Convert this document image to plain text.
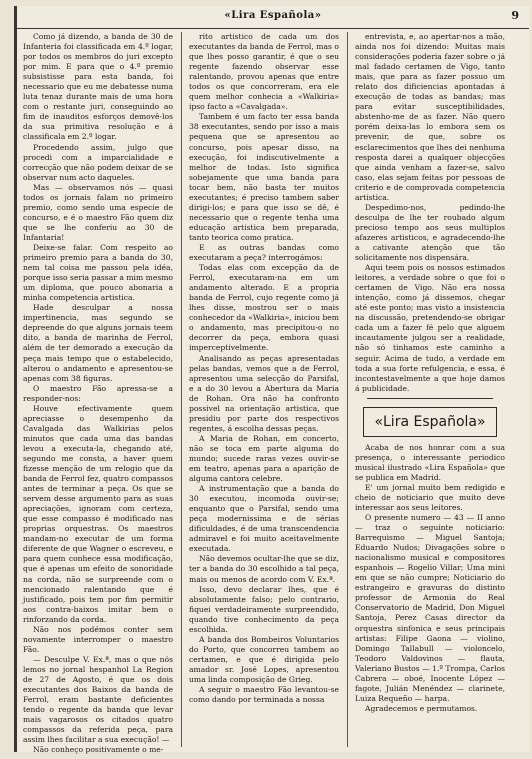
«Lira Española»	9

Como já dizendo, a banda de 30 de Infanteria foi classificada em 4.º logar, por todos os membros do juri excepto por mim. E para que o 4.º premio subsistisse para esta banda, foi necessario que eu me debatesse numa luta tenaz durante mais de uma hora com o restante juri, conseguindo ao fim de inauditos esforços demovê-los da sua primitiva resolução e á classificala em 2.º logar.

Procedendo assim, julgo que procedi com a imparcialidade e correcção que não podem deixar de se observar num acto daqueles.

Mas — observamos nós — quasi todos os jornais falam no primeiro premio, como sendo uma especie de concurso, e é o maestro Fão quem diz que se lhe conferiu ao 30 de Infantaria!

Deixe-se falar. Com respeito ao primeiro premio para a banda do 30, nem tal coisa me passou pela idéa, porque isso seria passar a mim mesmo um diploma, que pouco abonaria a minha competencia artistica.

Hade desculpar a nossa impertinencia, mas segundo se depreende do que alguns jornais teem dito, a banda de marinha de Ferrol, além de ter demorado a execução da peça mais tempo que o estabelecido, alterou o andamento e apresentou-se apenas com 38 figuras.

O maestro Fão apressa-se a responder-nos:

Houve efectivamente quem apreciasse o desempenho da Cavalgada das Walkirias pelos minutos que cada uma das bandas levou a executa-la, chegando até, segundo me consta, a haver quem fizesse menção de um relogio que da banda de Ferrol fez, quatro compassos antes de terminar a peça. Os que se servem desse argumento para as suas apreciações, ignoram com certeza, que esse compasso é modificado nas proprias orquestras. Os maestros mandam-no executar de um forma diferente de que Wagner o escreveu, e para quem conhece essa modificação, que é apenas um efeito de sonoridade na corda, não se surpreende com o mencionado ralentando que é justificado, pois tem por fim permitir aos contra-baixos imitar bem o rinforzando da corda.

Não nos podémos conter sem novamente interromper o maestro Fão.

— Desculpe V. Ex.ª, mas o que nós lemos no jornal hespanhol La Region de 27 de Agosto, é que os dois executantes dos Baixos da banda de Ferrol, eram bastante deficientes tendo o regente da banda que levar mais vagarosos os citados quatro compassos da referida peça, para assim lhes facilitar a sua execução! —

Não conheço positivamente o me-

rito artistico de cada um dos executantes da banda de Ferrol, mas o que lhes posso garantir, é que o seu regente fazendo observar esse ralentando, provou apenas que entre todos os que concorreram, era ele quem melhor conhecia a «Walkiria» ipso facto a «Cavalgada».

Tambem é um facto ter essa banda 38 executantes, sendo por isso a mais pequena que se apresentou ao concurso, pois apesar disso, na execução, foi indiscutivelmente a melhor de todas. Isto significa sobejamente que uma banda para tocar bem, não basta ter muitos executantes; é preciso tambem saber dirigi-los; e para que isso se dê, é necessario que o regente tenha uma educação artistica bem preparada, tanto teorica como pratica.

E as outras bandas como executaram a peça? interrogámos:

Todas elas com excepção da de Ferrol, executaram-na em um andamento alterado. E a propria banda de Ferrol, cujo regente como já lhes disse, mostrou ser o mais conhecedor da «Walkiria», iniciou bem o andamento, mas precipitou-o no decorrer da peça, embora quasi imperceptivelmente.

Analisando as peças apresentadas pelas bandas, vemos que a de Ferrol, apresentou uma selecção do Parsifal, e a do 30 levou a Abertura da Maria de Rohan. Ora não ha confronto possivel na orientação artistica, que presidiu por parte dos respectivos regentes, á escolha dessas peças.

A Maria de Rohan, em concerto, não se toca em parte alguma do mundo; sucede raras vezes ouvir-se em teatro, apenas para a aparição de alguma cantora celebre.

A instrumentação que a banda do 30 executou, incomoda ouvir-se; enquanto que o Parsifal, sendo uma peça modernissima e de sérias dificuldades, é de uma transcendencia admiravel e foi muito aceitavelmente executada.

Não devemos ocultar-lhe que se diz, ter a banda do 30 escolhido a tal peça, mais ou menos de acordo com V. Ex.ª.

Isso, devo declarar lhes, que é absolutamente falso; pelo contrario, fiquei verdadeiramente surpreendido, quando tive conhecimento da peça escolhida.

A banda dos Bombeiros Voluntarios do Porto, que concorreu tambem ao certamen, e que é dirigida pelo amador sr. José Lopes, apresentou uma linda composição de Grieg.

A seguir o maestro Fão levantou-se como dando por terminada a nossa

entrevista, e, ao apertar-nos a mão, ainda nos foi dizendo: Muitas mais considerações poderia fazer sobre o já mal fadado certamen de Vigo, tanto mais, que para as fazer possuo um relato dos dificiencias apontadas á execução de todas as bandas; mas para evitar susceptibilidades, abstenho-me de as fazer. Não quero porém deixa-las lo embora sem os prevenir, de que, sobre os esclarecimentos que lhes dei nenhuma resposta darei a qualquer objecções que ainda venham a fazer-se, salvo caso, elas sejam feitas por pessoas de criterio e de comprovada competencia artistica.

Despedimo-nos, pedindo-lhe desculpa de lhe ter roubado algum precioso tempo aos seus multiplos afazeres artisticos, e agradecendo-lhe a cativante atenção que tão solicitamente nos dispensára.

Aqui teem pois os nossos estimados leitores, a verdade sobre o que foi o certamen de Vigo. Não era nossa intenção, como já dissemos, chegar até este ponto; mas visto a insistencia na discussão, pretendendo-se obrigar cada um a fazer fé pelo que alguem incautamente julgou ser a realidade, não só tinhamos este caminho a seguir. Acima de tudo, a verdade em toda a sua forte refulgencia, e essa, é incontestavelmente a que hoje damos á publicidade.

«Lira Española»

Acaba de nos honrar com a sua presença, o interessante periodico musical ilustrado «Lira Española» que se publica em Madrid.

E' um jornal muito bem redigido e cheio de noticiario que muito deve interessar aos seus leitores.

O presente numero — 43 — II anno — traz o seguinte noticiario: Barrequismo — Miguel Santoja; Eduardo Nudos; Divagações sobre o nacionalismo musical e compositores espanhois — Rogelio Villar; Uma mini em que se não cumpre; Noticiario do estrangeiro e gravuras do distinto professor de Armonia do Real Conservatorio de Madrid, Don Miguel Santoja, Perez Casas director da orquestra sinfonica e seus principais artistas: Filipe Gaona — violino, Domingo Tallabull — violoncelo, Teodoro Valdovinos — flauta, Valeriano Bustos — 1.º Trompa, Carlos Cabrera — oboé, Inocente López — fagote, Julián Menéndez — clarinete, Luiza Requeño — harpa.

Agradecemos e permutamos.
